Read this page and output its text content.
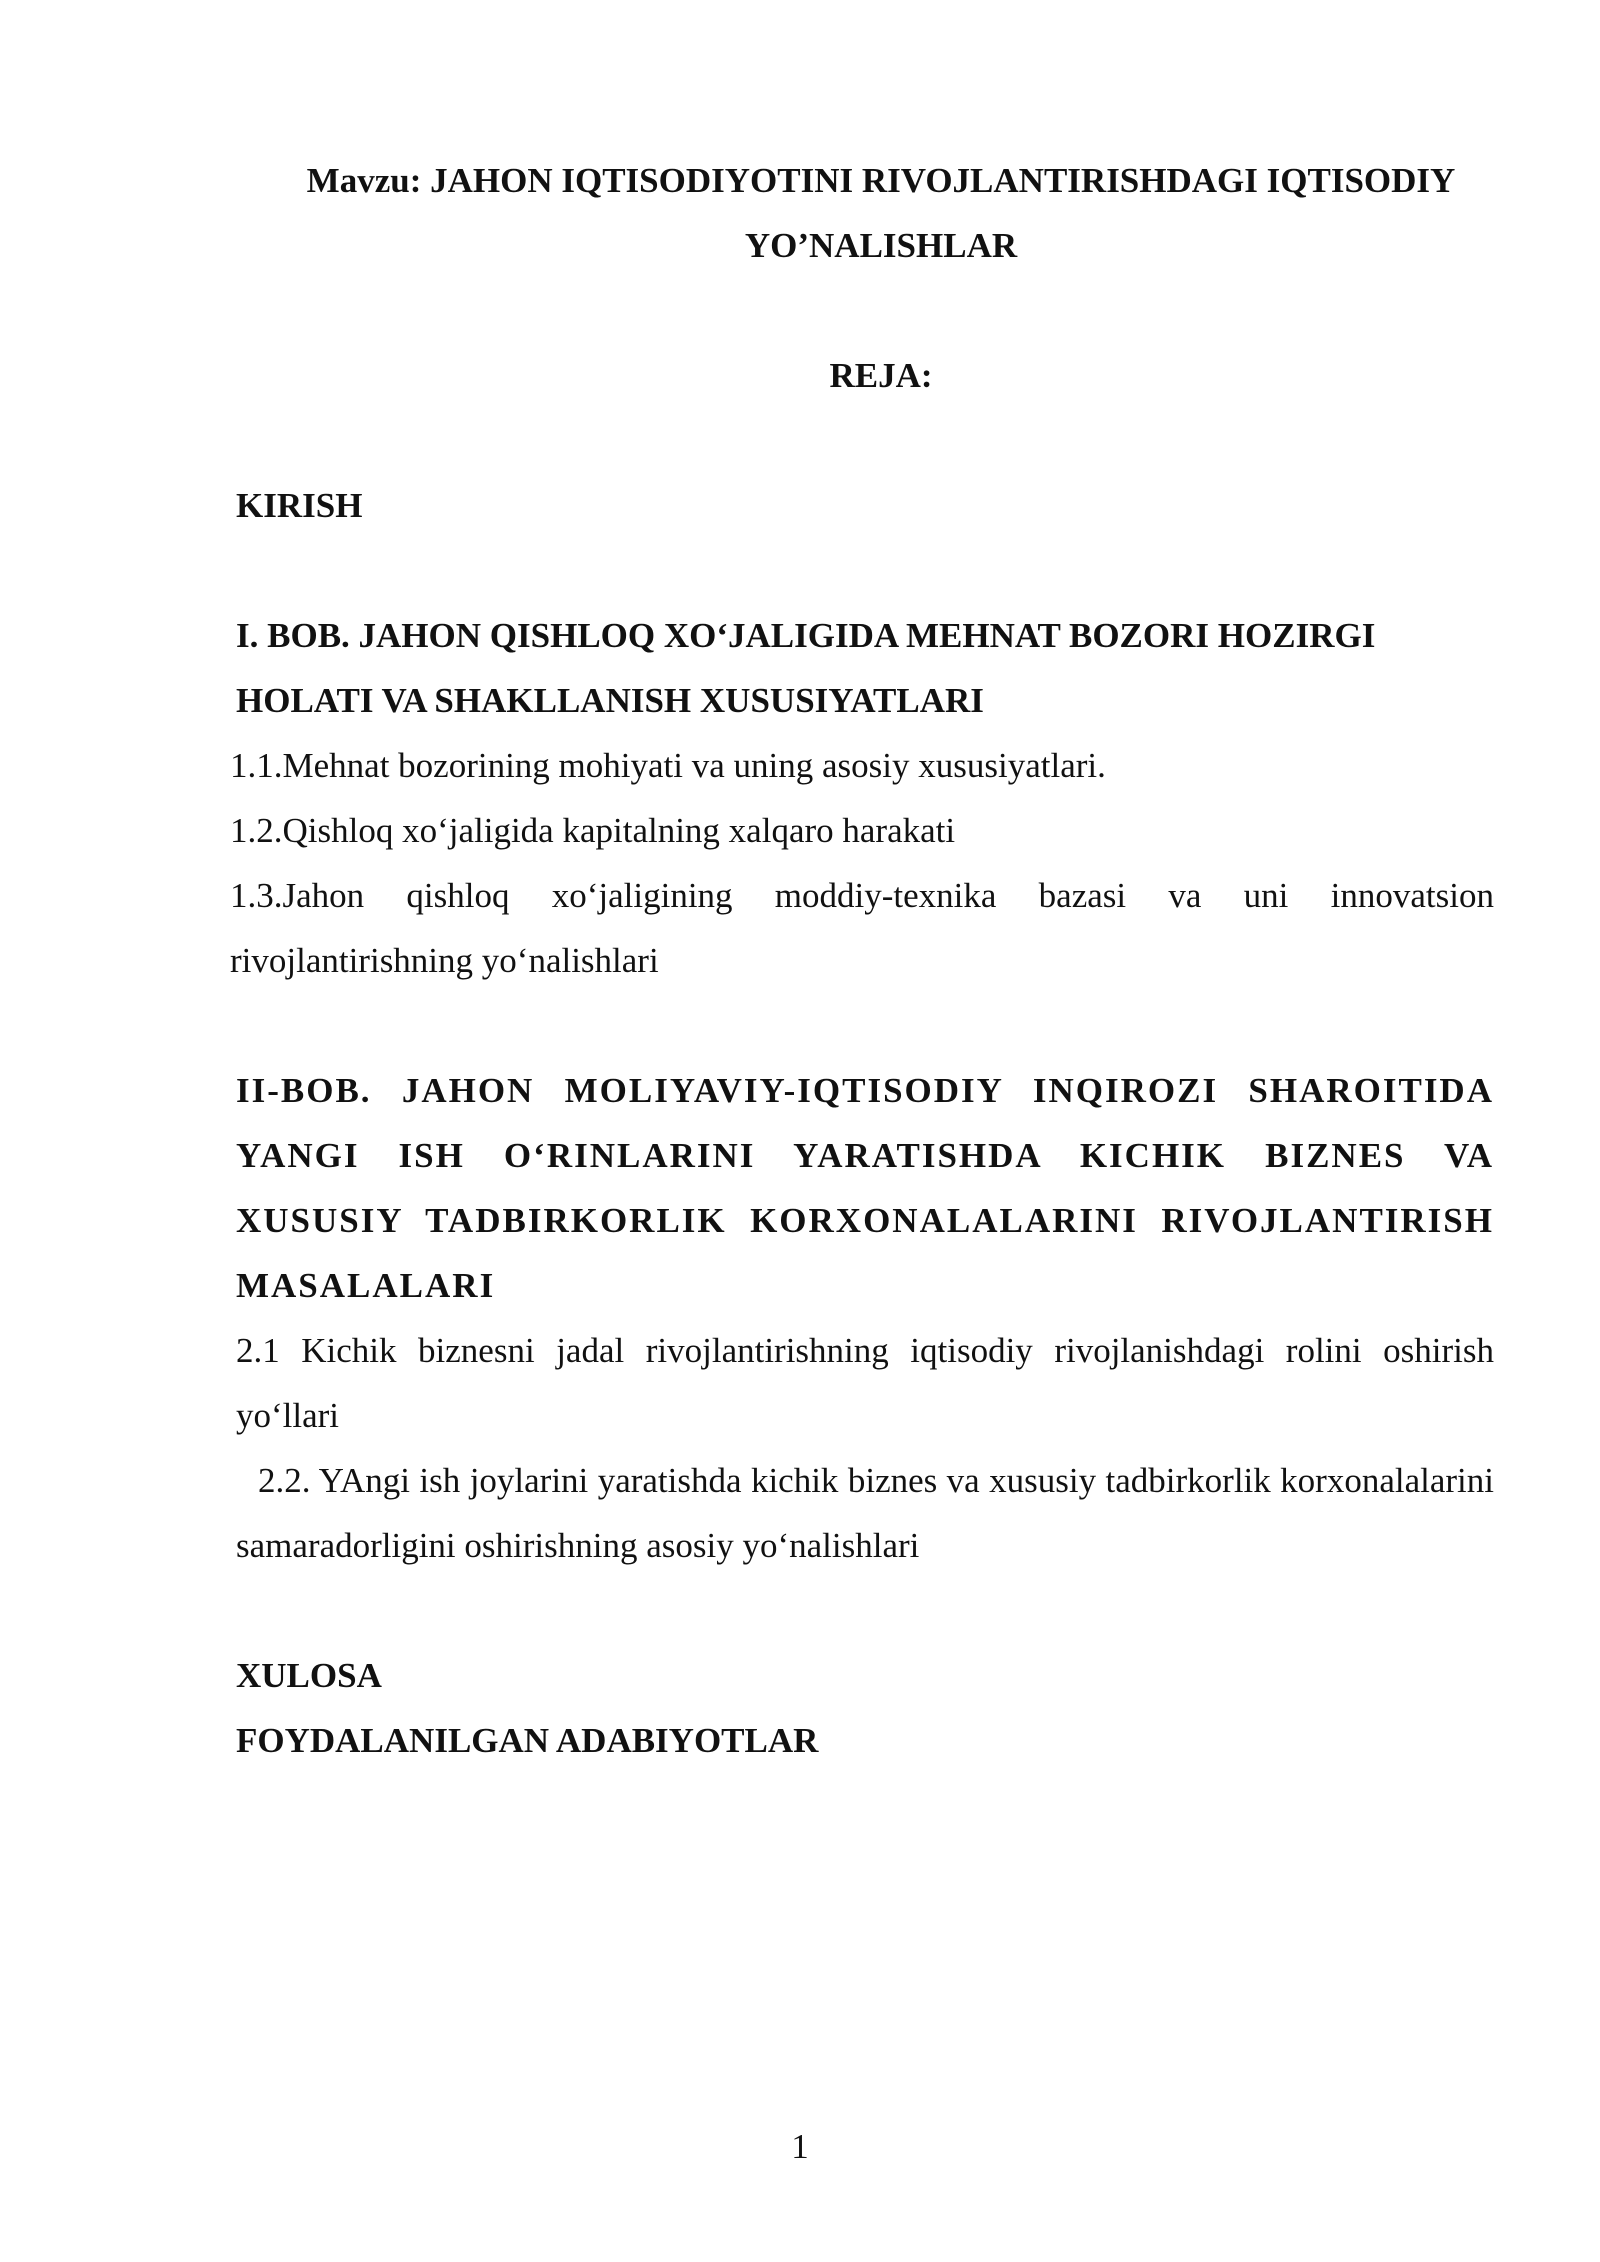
Mavzu: JAHON IQTISODIYOTINI RIVOJLANTIRISHDAGI IQTISODIY

YO’NALISHLAR

REJA:

KIRISH

I. BOB. JAHON QISHLOQ XO‘JALIGIDA MEHNAT BOZORI HOZIRGI

HOLATI VA SHAKLLANISH XUSUSIYATLARI

1.1.Mehnat bozorining mohiyati va uning asosiy xususiyatlari.

1.2.Qishloq xo‘jaligida kapitalning xalqaro harakati

1.3.Jahon qishloq xo‘jaligining moddiy-texnika bazasi va uni innovatsion rivojlantirishning yo‘nalishlari

II-BOB. JAHON MOLIYAVIY-IQTISODIY INQIROZI SHAROITIDA YANGI ISH O‘RINLARINI YARATISHDA KICHIK BIZNES VA XUSUSIY TADBIRKORLIK KORXONALALARINI RIVOJLANTIRISH MASALALARI

2.1 Kichik biznesni jadal rivojlantirishning iqtisodiy rivojlanishdagi rolini oshirish yo‘llari

2.2. YAngi ish joylarini yaratishda kichik biznes va xususiy tadbirkorlik korxonalalarini samaradorligini oshirishning asosiy yo‘nalishlari

XULOSA

FOYDALANILGAN ADABIYOTLAR

1
